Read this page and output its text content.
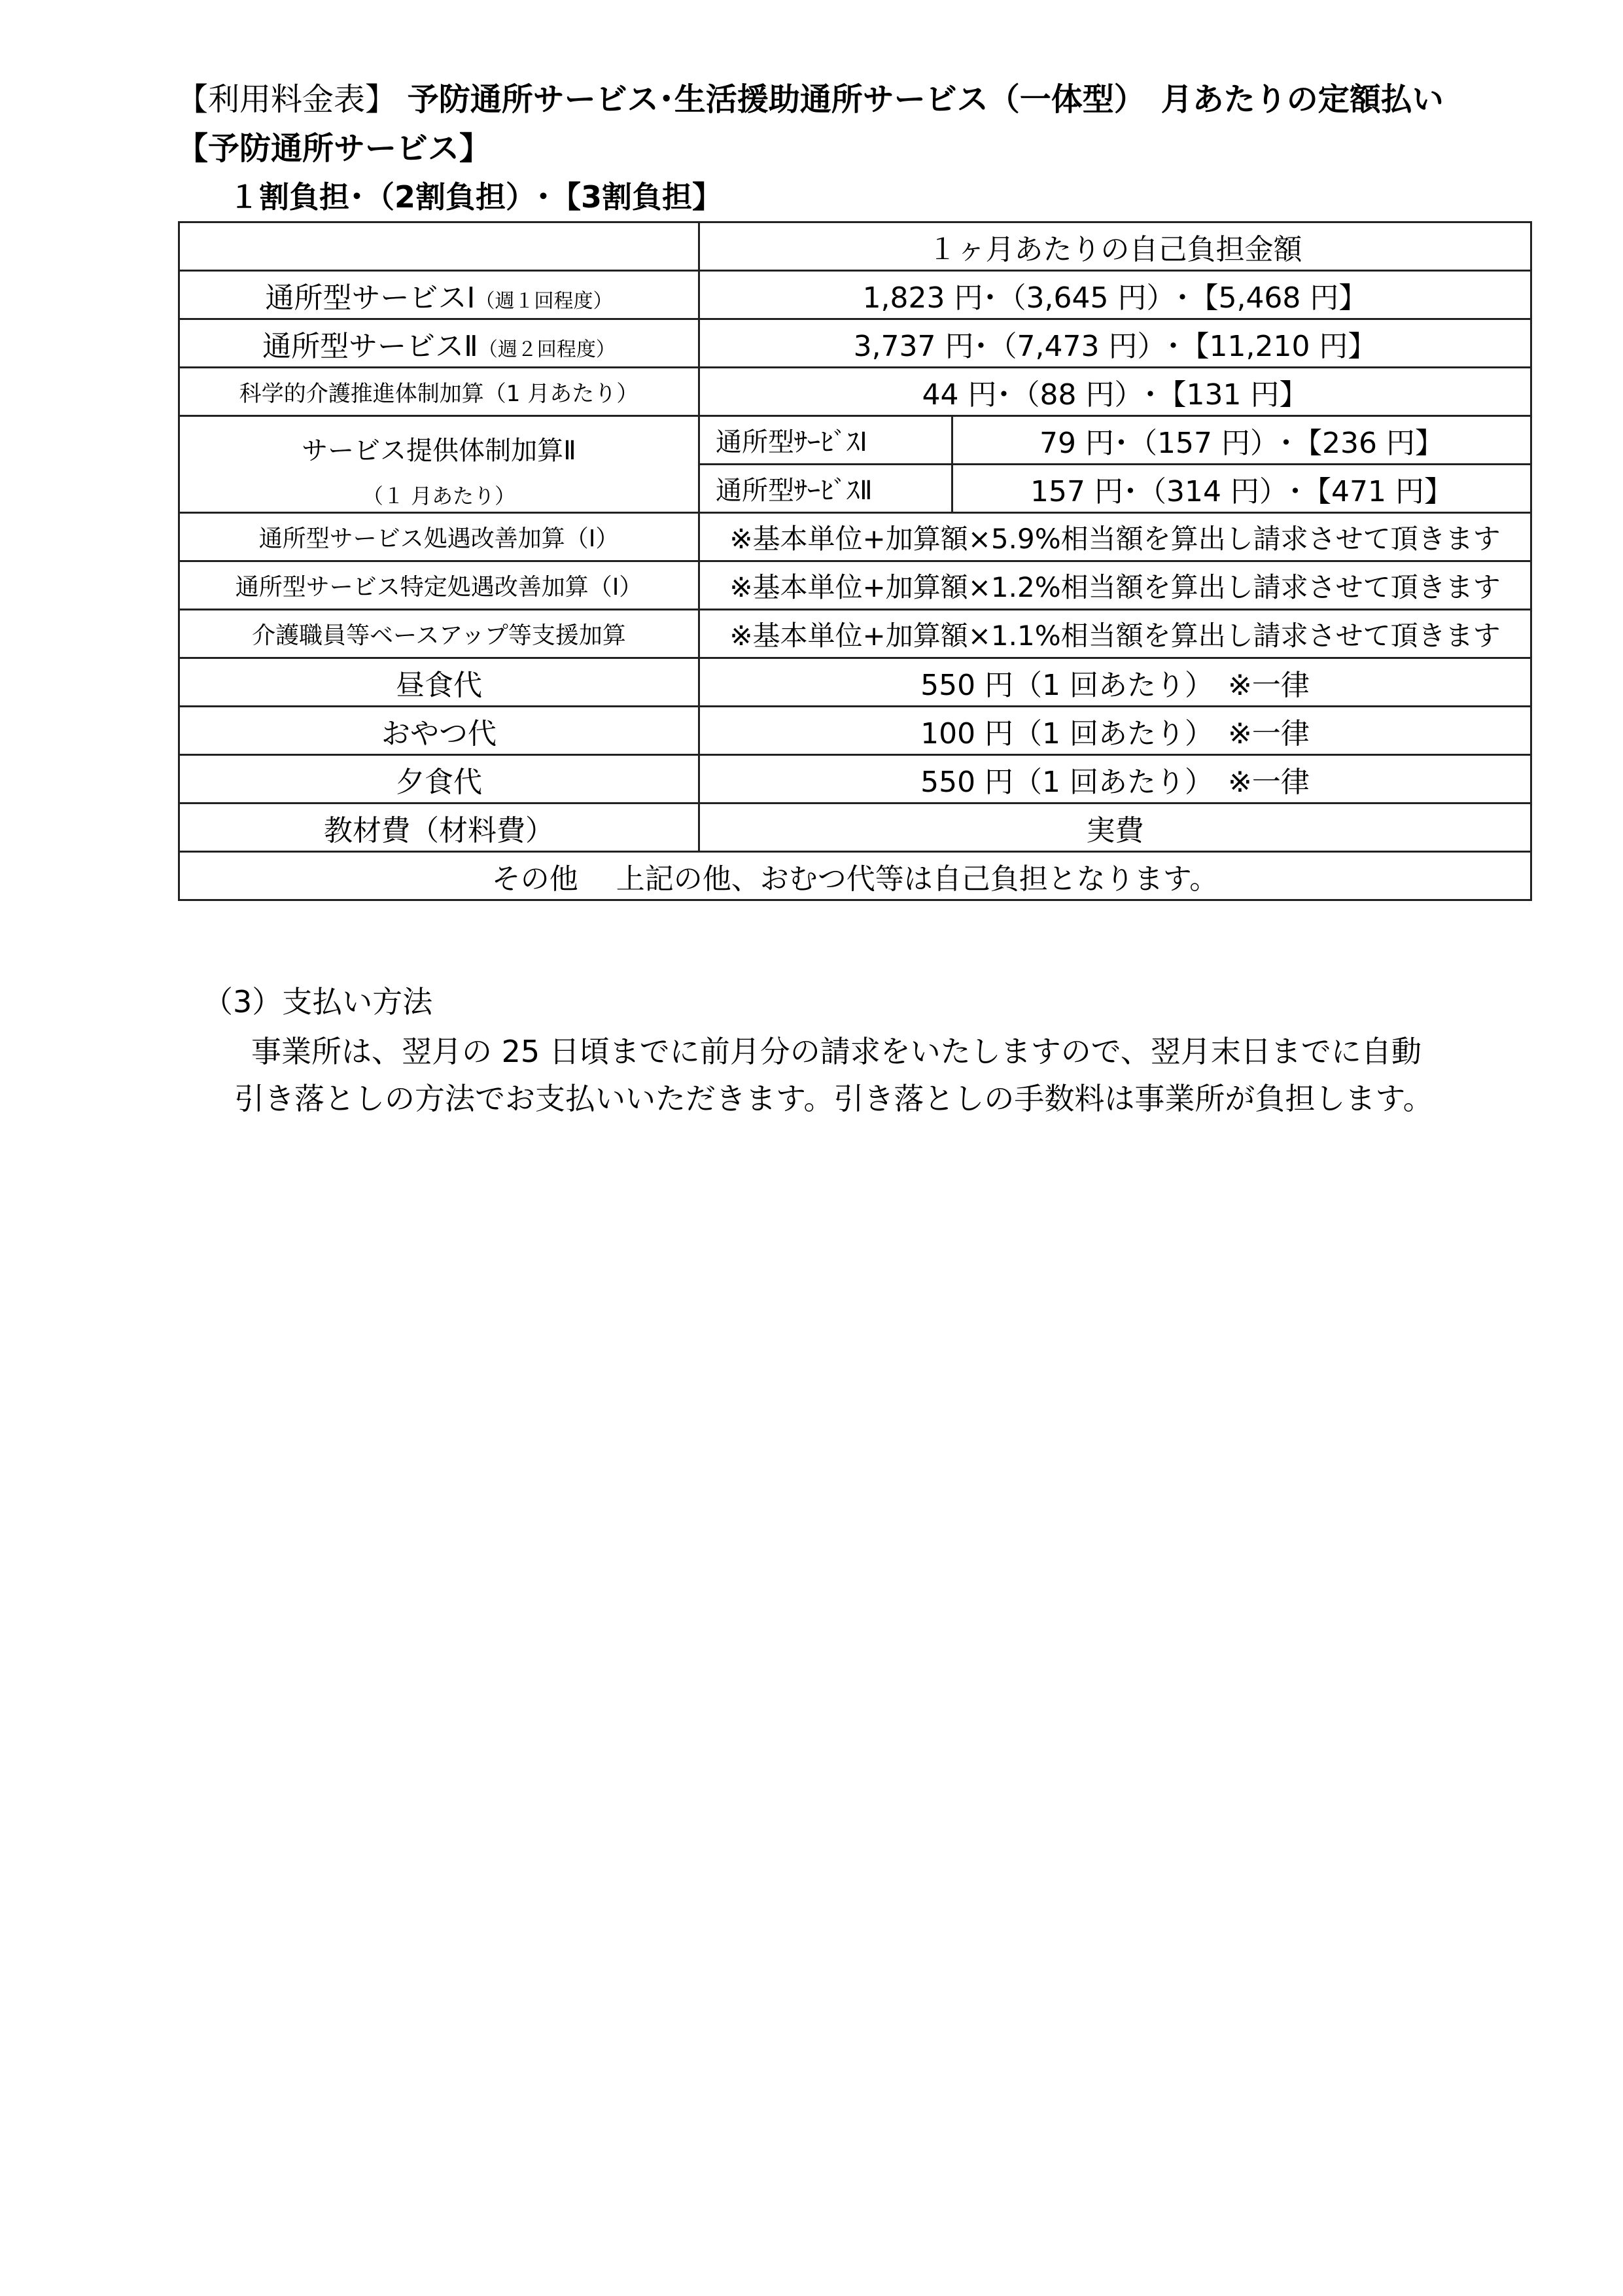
【利用料金表】 予防通所サービス･生活援助通所サービス（一体型）　月あたりの定額払い
【予防通所サービス】
１割負担･（2割負担）･【3割負担】
	１ヶ月あたりの自己負担金額	
通所型サービスⅠ（週１回程度）	1,823 円･（3,645 円）･【5,468 円】	
通所型サービスⅡ（週２回程度）	3,737 円･（7,473 円）･【11,210 円】	
科学的介護推進体制加算（1 月あたり）	44 円･（88 円）･【131 円】	

サービス提供体制加算Ⅱ
（１ 月あたり）	通所型ｻｰﾋﾞｽⅠ	79 円･（157 円）･【236 円】
	通所型ｻｰﾋﾞｽⅡ	157 円･（314 円）･【471 円】
通所型サービス処遇改善加算（Ⅰ）	※基本単位+加算額×5.9%相当額を算出し請求させて頂きます	
通所型サービス特定処遇改善加算（Ⅰ）	※基本単位+加算額×1.2%相当額を算出し請求させて頂きます	
介護職員等ベースアップ等支援加算	※基本単位+加算額×1.1%相当額を算出し請求させて頂きます	
昼食代	550 円（1 回あたり）　※一律	
おやつ代	100 円（1 回あたり）　※一律	
夕食代	550 円（1 回あたり）　※一律	
教材費（材料費）	実費	
その他　 上記の他、おむつ代等は自己負担となります。		
（3）支払い方法
事業所は、翌月の 25 日頃までに前月分の請求をいたしますので、翌月末日までに自動
引き落としの方法でお支払いいただきます。引き落としの手数料は事業所が負担します。
